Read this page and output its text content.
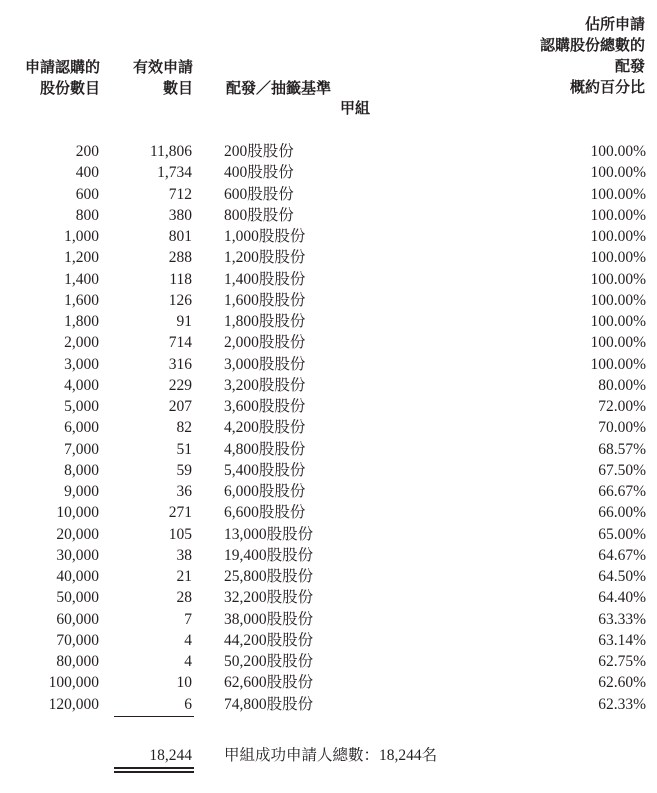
申請認購的
股份數目
有效申請
數目 配發／抽籤基準
甲組
佔所申請
認購股份總數的
配發
概約百分比
200	11,806 200股股份	100.00%
400	1,734 400股股份	100.00%
600	712 600股股份	100.00%
800	380 800股股份	100.00%
1,000	801 1,000股股份	100.00%
1,200	288 1,200股股份	100.00%
1,400	118 1,400股股份	100.00%
1,600	126 1,600股股份	100.00%
1,800	91 1,800股股份	100.00%
2,000	714 2,000股股份	100.00%
3,000	316 3,000股股份	100.00%
4,000	229 3,200股股份	80.00%
5,000	207 3,600股股份	72.00%
6,000	82 4,200股股份	70.00%
7,000	51 4,800股股份	68.57%
8,000	59 5,400股股份	67.50%
9,000	36 6,000股股份	66.67%
10,000	271 6,600股股份	66.00%
20,000	105 13,000股股份	65.00%
30,000	38 19,400股股份	64.67%
40,000	21 25,800股股份	64.50%
50,000	28 32,200股股份	64.40%
60,000	7 38,000股股份	63.33%
70,000	4 44,200股股份	63.14%
80,000	4 50,200股股份	62.75%
100,000	10 62,600股股份	62.60%
120,000	6 74,800股股份	62.33%
18,244 甲組成功申請人總數：18,244名
